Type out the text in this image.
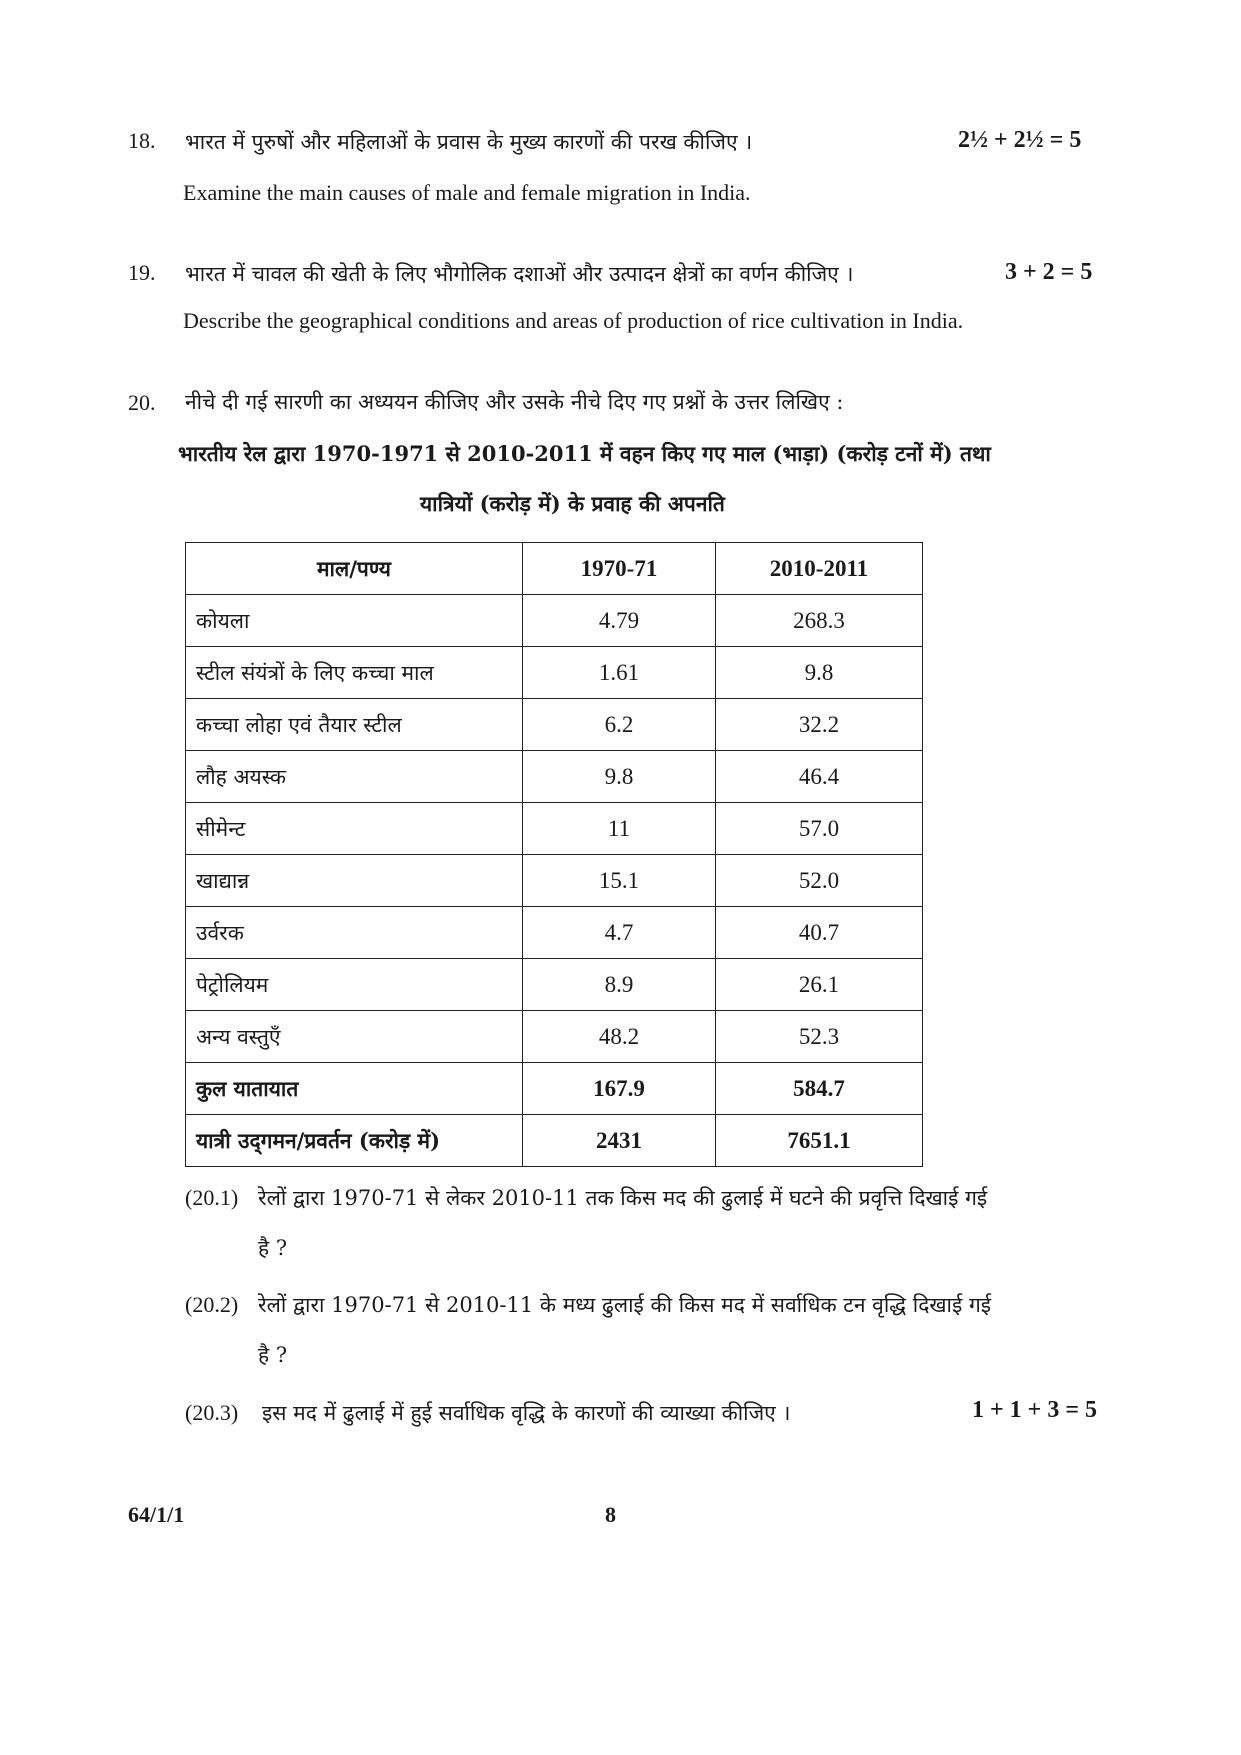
18. भारत में पुरुषों और महिलाओं के प्रवास के मुख्य कारणों की परख कीजिए ।	2½ + 2½ = 5
Examine the main causes of male and female migration in India.
19. भारत में चावल की खेती के लिए भौगोलिक दशाओं और उत्पादन क्षेत्रों का वर्णन कीजिए ।	3 + 2 = 5
Describe the geographical conditions and areas of production of rice cultivation in India.
20. नीचे दी गई सारणी का अध्ययन कीजिए और उसके नीचे दिए गए प्रश्नों के उत्तर लिखिए :
भारतीय रेल द्वारा 1970-1971 से 2010-2011 में वहन किए गए माल (भाड़ा) (करोड़ टनों में) तथा
यात्रियों (करोड़ में) के प्रवाह की अपनति
माल/पण्य	1970-71	2010-2011
कोयला	4.79	268.3
स्टील संयंत्रों के लिए कच्चा माल	1.61	9.8
कच्चा लोहा एवं तैयार स्टील	6.2	32.2
लौह अयस्क	9.8	46.4
सीमेन्ट	11	57.0
खाद्यान्न	15.1	52.0
उर्वरक	4.7	40.7
पेट्रोलियम	8.9	26.1
अन्य वस्तुएँ	48.2	52.3
कुल यातायात	167.9	584.7
यात्री उद्‌गमन/प्रवर्तन (करोड़ में)	2431	7651.1
(20.1) रेलों द्वारा 1970-71 से लेकर 2010-11 तक किस मद की ढुलाई में घटने की प्रवृत्ति दिखाई गई
है ?
(20.2) रेलों द्वारा 1970-71 से 2010-11 के मध्य ढुलाई की किस मद में सर्वाधिक टन वृद्धि दिखाई गई
है ?
(20.3) इस मद में ढुलाई में हुई सर्वाधिक वृद्धि के कारणों की व्याख्या कीजिए ।	1 + 1 + 3 = 5
64/1/1	8
